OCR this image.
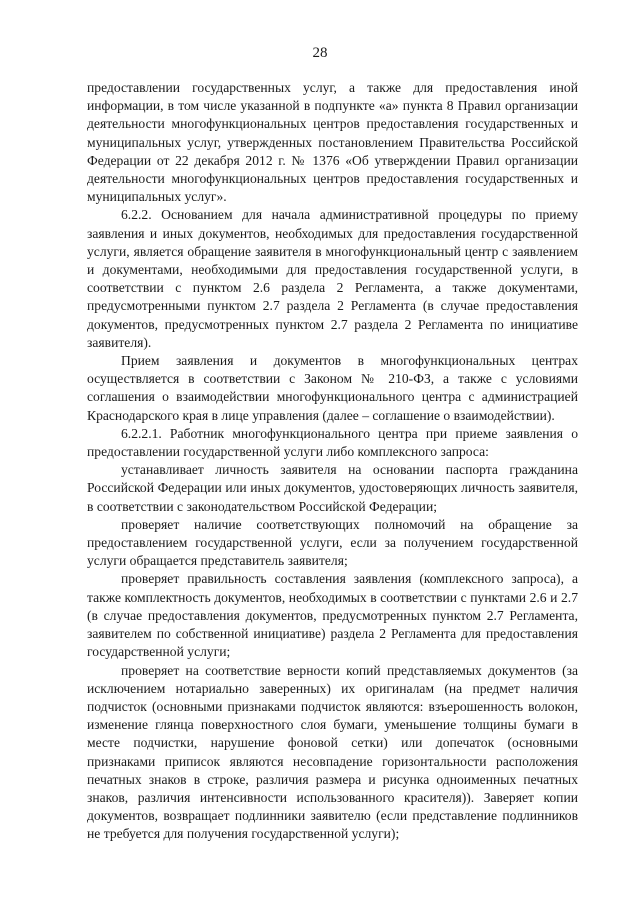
28

предоставлении государственных услуг, а также для предоставления иной информации, в том числе указанной в подпункте «а» пункта 8 Правил организации деятельности многофункциональных центров предоставления государственных и муниципальных услуг, утвержденных постановлением Правительства Российской Федерации от 22 декабря 2012 г. № 1376 «Об утверждении Правил организации деятельности многофункциональных центров предоставления государственных и муниципальных услуг».

6.2.2. Основанием для начала административной процедуры по приему заявления и иных документов, необходимых для предоставления государственной услуги, является обращение заявителя в многофункциональный центр с заявлением и документами, необходимыми для предоставления государственной услуги, в соответствии с пунктом 2.6 раздела 2 Регламента, а также документами, предусмотренными пунктом 2.7 раздела 2 Регламента (в случае предоставления документов, предусмотренных пунктом 2.7 раздела 2 Регламента по инициативе заявителя).

Прием заявления и документов в многофункциональных центрах осуществляется в соответствии с Законом № 210-ФЗ, а также с условиями соглашения о взаимодействии многофункционального центра с администрацией Краснодарского края в лице управления (далее – соглашение о взаимодействии).

6.2.2.1. Работник многофункционального центра при приеме заявления о предоставлении государственной услуги либо комплексного запроса:

устанавливает личность заявителя на основании паспорта гражданина Российской Федерации или иных документов, удостоверяющих личность заявителя, в соответствии с законодательством Российской Федерации;

проверяет наличие соответствующих полномочий на обращение за предоставлением государственной услуги, если за получением государственной услуги обращается представитель заявителя;

проверяет правильность составления заявления (комплексного запроса), а также комплектность документов, необходимых в соответствии с пунктами 2.6 и 2.7 (в случае предоставления документов, предусмотренных пунктом 2.7 Регламента, заявителем по собственной инициативе) раздела 2 Регламента для предоставления государственной услуги;

проверяет на соответствие верности копий представляемых документов (за исключением нотариально заверенных) их оригиналам (на предмет наличия подчисток (основными признаками подчисток являются: взъерошенность волокон, изменение глянца поверхностного слоя бумаги, уменьшение толщины бумаги в месте подчистки, нарушение фоновой сетки) или допечаток (основными признаками приписок являются несовпадение горизонтальности расположения печатных знаков в строке, различия размера и рисунка одноименных печатных знаков, различия интенсивности использованного красителя)). Заверяет копии документов, возвращает подлинники заявителю (если представление подлинников не требуется для получения государственной услуги);
